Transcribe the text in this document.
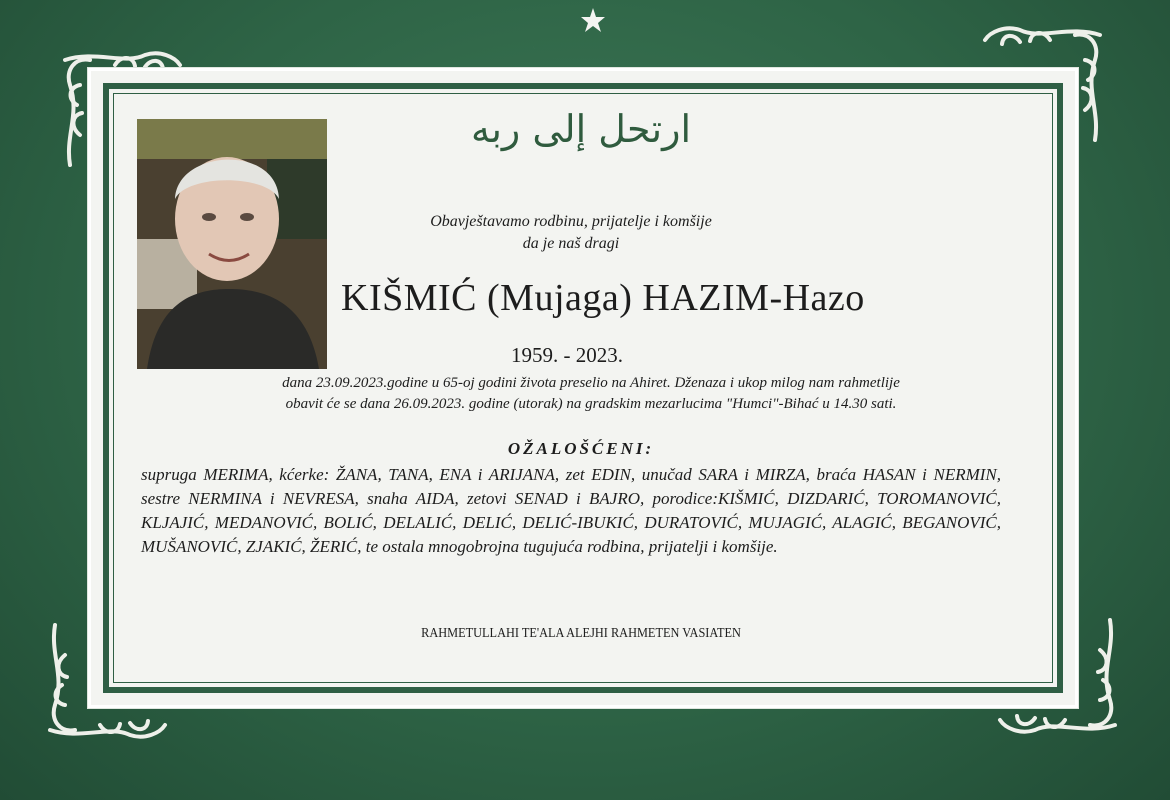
ارتحل إلى ربه
Obavještavamo rodbinu, prijatelje i komšije
da je naš dragi
KIŠMIĆ (Mujaga) HAZIM-Hazo
1959. - 2023.
dana 23.09.2023.godine u 65-oj godini života preselio na Ahiret. Dženaza i ukop milog nam rahmetlije
obavit će se dana 26.09.2023. godine (utorak) na gradskim mezarlucima "Humci"-Bihać u 14.30 sati.
OŽALOŠĆENI:
supruga MERIMA, kćerke: ŽANA, TANA, ENA i ARIJANA, zet EDIN, unučad SARA i MIRZA, braća HASAN i NERMIN, sestre NERMINA i NEVRESA, snaha AIDA, zetovi SENAD i BAJRO, porodice:KIŠMIĆ, DIZDARIĆ, TOROMANOVIĆ, KLJAJIĆ, MEDANOVIĆ, BOLIĆ, DELALIĆ, DELIĆ, DELIĆ-IBUKIĆ, DURATOVIĆ, MUJAGIĆ, ALAGIĆ, BEGANOVIĆ, MUŠANOVIĆ, ZJAKIĆ, ŽERIĆ, te ostala mnogobrojna tugujuća rodbina, prijatelji i komšije.
RAHMETULLAHI TE'ALA ALEJHI RAHMETEN VASIATEN
